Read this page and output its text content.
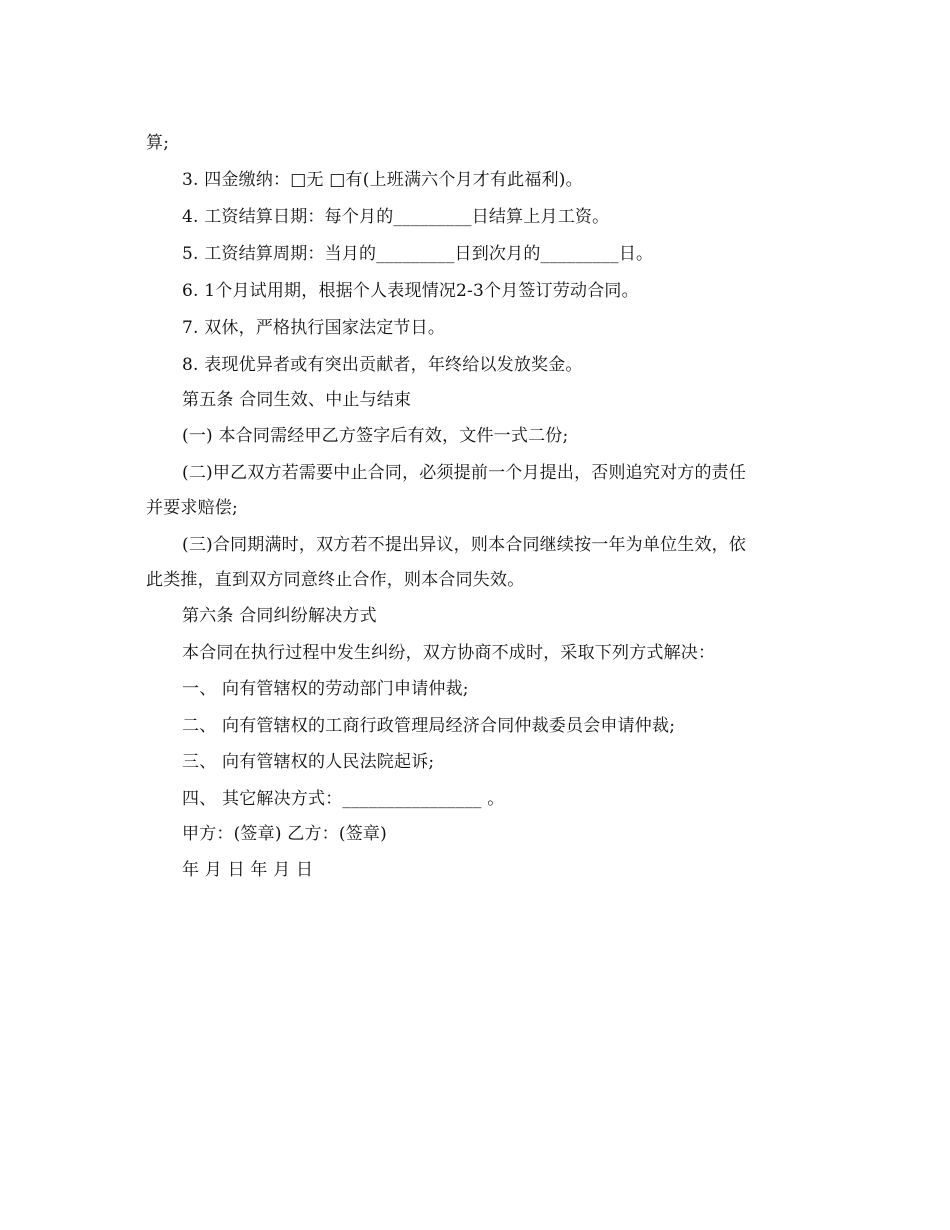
算;
3. 四金缴纳：□无 □有(上班满六个月才有此福利)。
4. 工资结算日期：每个月的_________日结算上月工资。
5. 工资结算周期：当月的_________日到次月的_________日。
6. 1个月试用期，根据个人表现情况2-3个月签订劳动合同。
7. 双休，严格执行国家法定节日。
8. 表现优异者或有突出贡献者，年终给以发放奖金。
第五条 合同生效、中止与结束
(一) 本合同需经甲乙方签字后有效，文件一式二份;
(二)甲乙双方若需要中止合同，必须提前一个月提出，否则追究对方的责任
并要求赔偿;
(三)合同期满时，双方若不提出异议，则本合同继续按一年为单位生效，依
此类推，直到双方同意终止合作，则本合同失效。
第六条 合同纠纷解决方式
本合同在执行过程中发生纠纷，双方协商不成时，采取下列方式解决：
一、 向有管辖权的劳动部门申请仲裁;
二、 向有管辖权的工商行政管理局经济合同仲裁委员会申请仲裁;
三、 向有管辖权的人民法院起诉;
四、 其它解决方式：________________ 。
甲方：(签章) 乙方：(签章)
年 月 日 年 月 日
